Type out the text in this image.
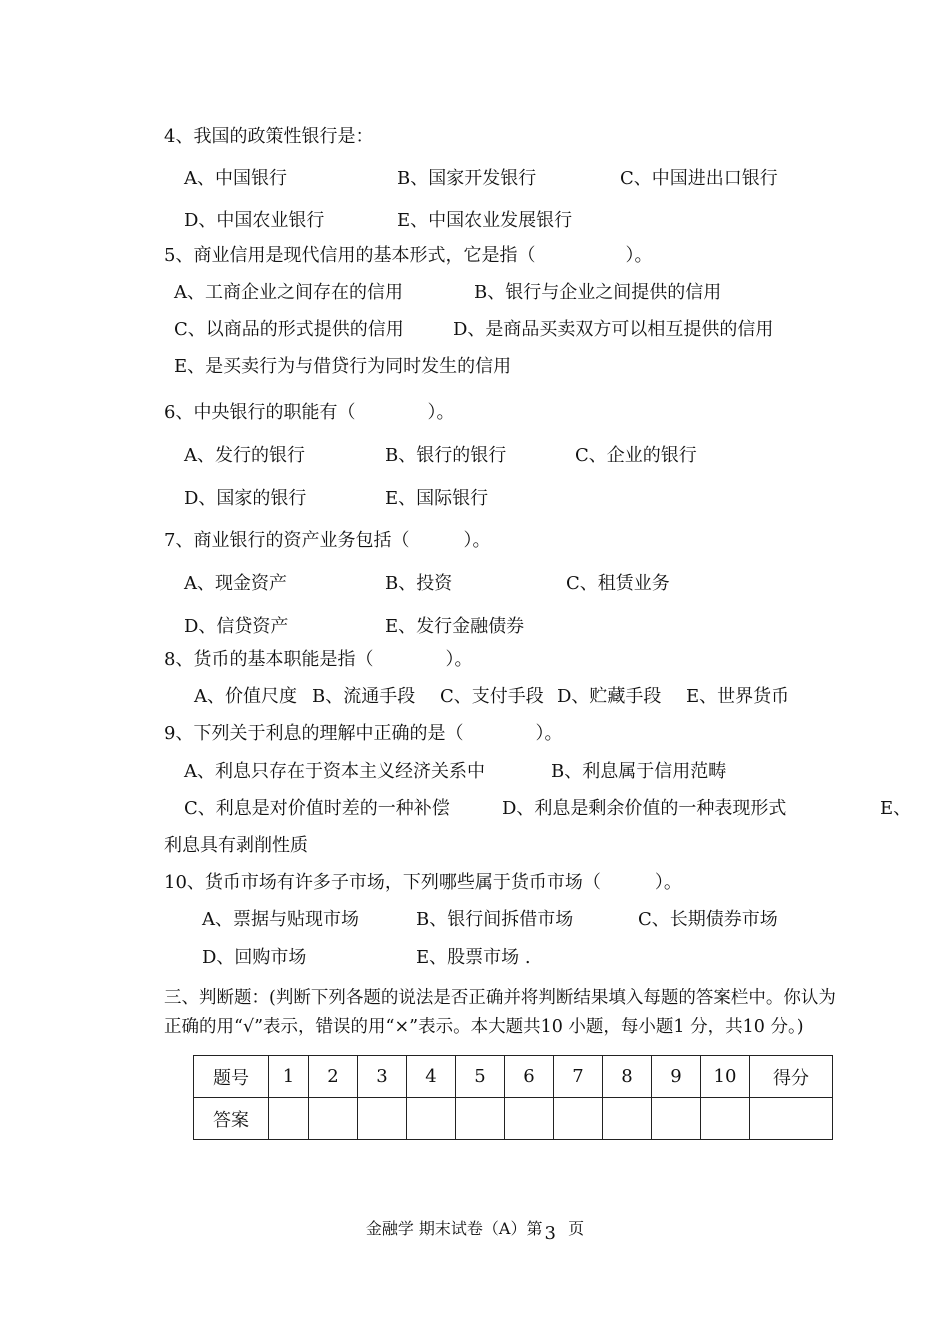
4、我国的政策性银行是：
A、中国银行	B、国家开发银行	C、中国进出口银行
D、中国农业银行	E、中国农业发展银行
5、商业信用是现代信用的基本形式，它是指（　　　　　）。
A、工商企业之间存在的信用	B、银行与企业之间提供的信用
C、以商品的形式提供的信用	D、是商品买卖双方可以相互提供的信用
E、是买卖行为与借贷行为同时发生的信用
6、中央银行的职能有（　　　　）。
A、发行的银行	B、银行的银行	C、企业的银行
D、国家的银行	E、国际银行
7、商业银行的资产业务包括（　　　）。
A、现金资产	B、投资	C、租赁业务
D、信贷资产	E、发行金融债券
8、货币的基本职能是指（　　　　）。
A、价值尺度 B、流通手段 C、支付手段 D、贮藏手段 E、世界货币
9、下列关于利息的理解中正确的是（　　　　）。
A、利息只存在于资本主义经济关系中	B、利息属于信用范畴
C、利息是对价值时差的一种补偿	D、利息是剩余价值的一种表现形式	E、
利息具有剥削性质
10、货币市场有许多子市场，下列哪些属于货币市场（　　　）。
A、票据与贴现市场	B、银行间拆借市场	C、长期债券市场
D、回购市场	E、股票市场 .
三、判断题：(判断下列各题的说法是否正确并将判断结果填入每题的答案栏中。你认为
正确的用“√”表示，错误的用“×”表示。本大题共10 小题，每小题1 分，共10 分。)
题号	1	2	3	4	5	6	7	8	9	10	得分
答案											
金融学 期末试卷（A）第 3 页
